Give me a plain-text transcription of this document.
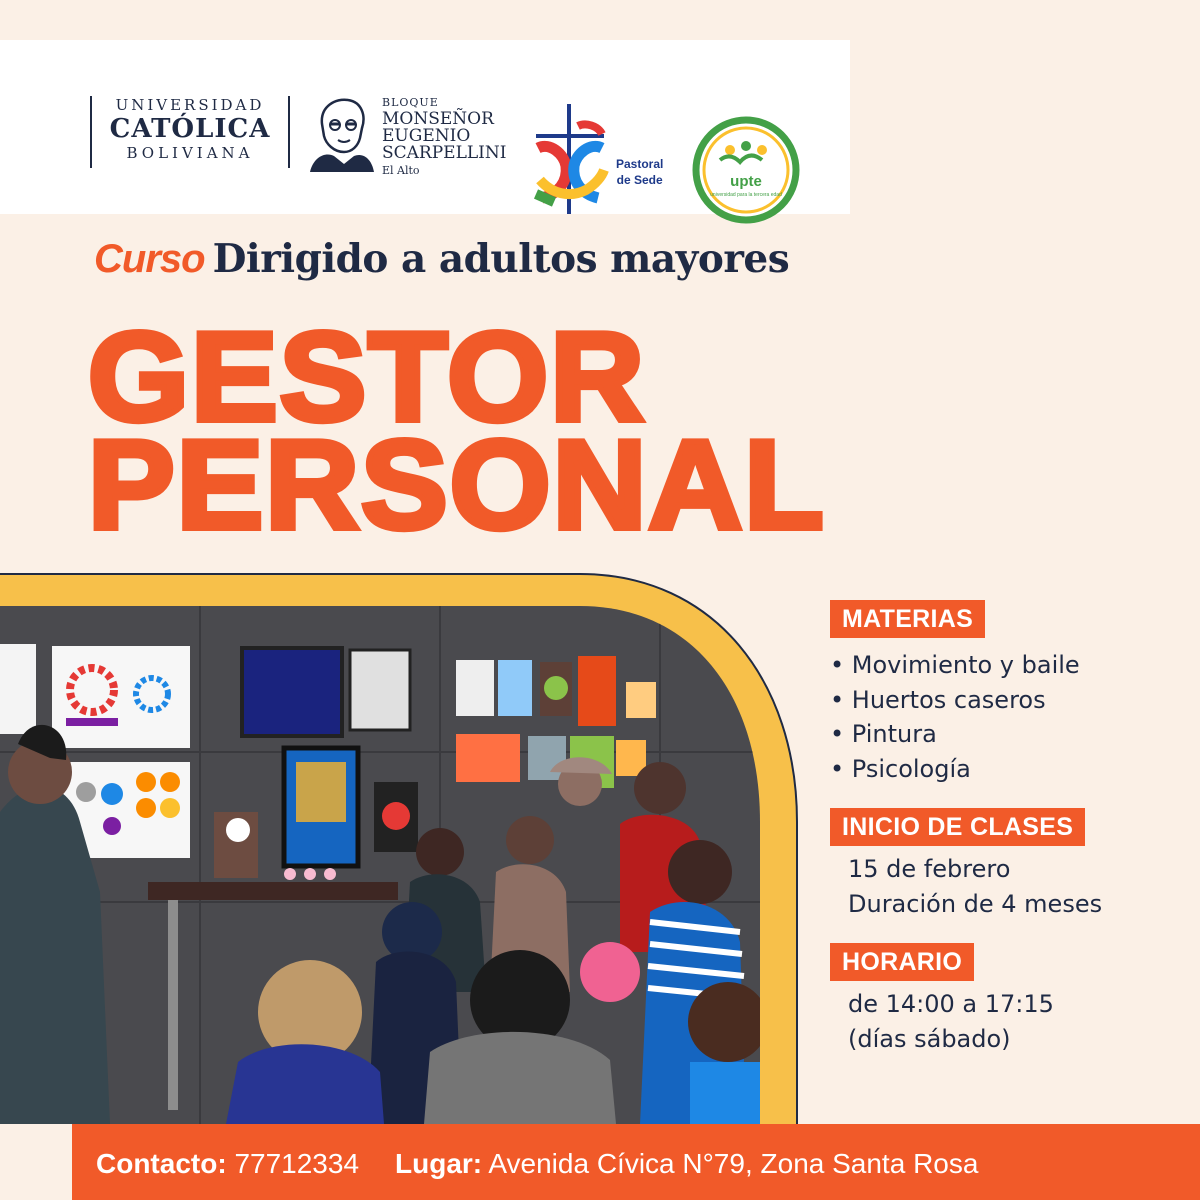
UNIVERSIDAD
CATÓLICA
BOLIVIANA
BLOQUE
MONSEÑOR
EUGENIO
SCARPELLINI
El Alto	Pastoral
de Sede	upte
universidad para la tercera edad
Curso Dirigido a adultos mayores
GESTOR
PERSONAL
MATERIAS
• Movimiento y baile
• Huertos caseros
• Pintura
• Psicología
INICIO DE CLASES
15 de febrero
Duración de 4 meses
HORARIO
de 14:00 a 17:15
(días sábado)
Contacto: 77712334 Lugar: Avenida Cívica N°79, Zona Santa Rosa
